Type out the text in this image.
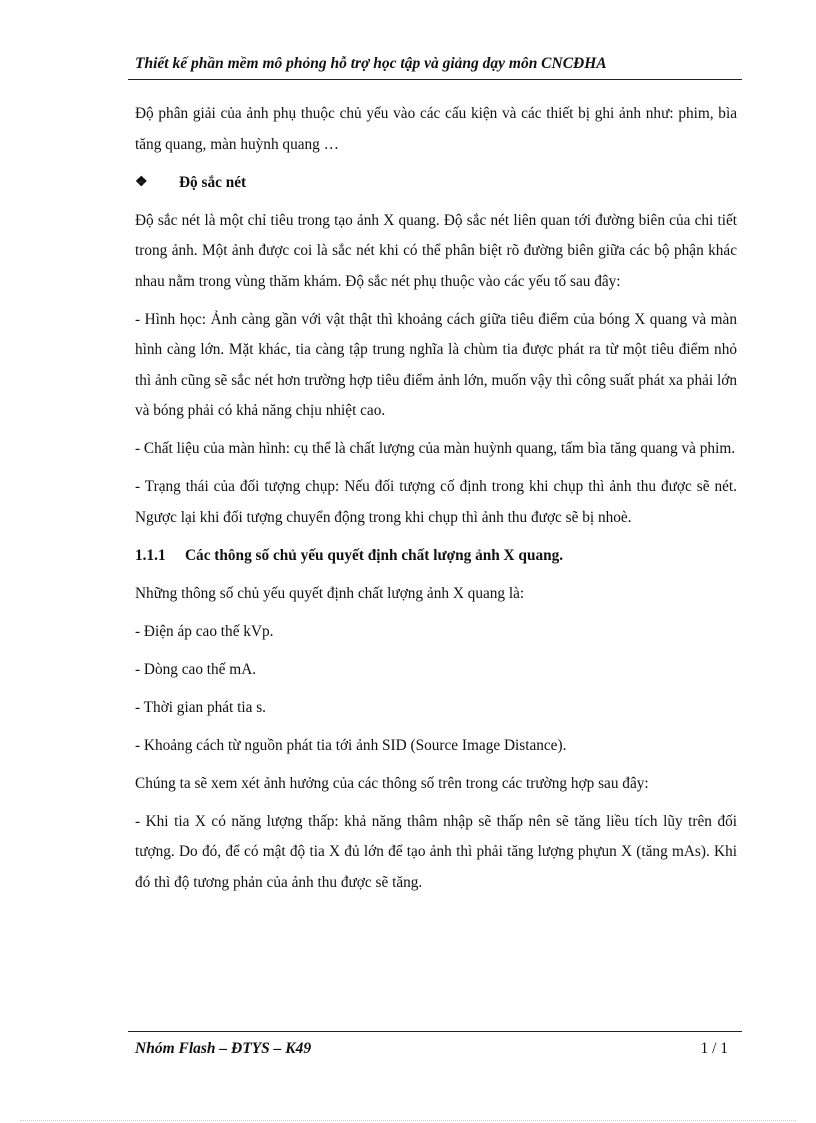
Thiết kế phần mềm mô phỏng hỗ trợ học tập và giảng dạy môn CNCĐHA

Độ phân giải của ảnh phụ thuộc chủ yếu vào các cấu kiện và các thiết bị ghi ảnh như: phim, bìa tăng quang, màn huỳnh quang …

❖	Độ sắc nét

Độ sắc nét là một chỉ tiêu trong tạo ảnh X quang. Độ sắc nét liên quan tới đường biên của chi tiết trong ảnh. Một ảnh được coi là sắc nét khi có thể phân biệt rõ đường biên giữa các bộ phận khác nhau nằm trong vùng thăm khám. Độ sắc nét phụ thuộc vào các yếu tố sau đây:

- Hình học: Ảnh càng gần với vật thật thì khoảng cách giữa tiêu điểm của bóng X quang và màn hình càng lớn. Mặt khác, tia càng tập trung nghĩa là chùm tia được phát ra từ một tiêu điểm nhỏ thì ảnh cũng sẽ sắc nét hơn trường hợp tiêu điểm ảnh lớn, muốn vậy thì công suất phát xa phải lớn và bóng phải có khả năng chịu nhiệt cao.

- Chất liệu của màn hình: cụ thể là chất lượng của màn huỳnh quang, tấm bìa tăng quang và phim.

- Trạng thái của đối tượng chụp: Nếu đối tượng cố định trong khi chụp thì ảnh thu được sẽ nét. Ngược lại khi đối tượng chuyển động trong khi chụp thì ảnh thu được sẽ bị nhoè.

1.1.1	Các thông số chủ yếu quyết định chất lượng ảnh X quang.

Những thông số chủ yếu quyết định chất lượng ảnh X quang là:

- Điện áp cao thế kVp.

- Dòng cao thế mA.

- Thời gian phát tia s.

- Khoảng cách từ nguồn phát tia tới ảnh SID (Source Image Distance).

Chúng ta sẽ xem xét ảnh hưởng của các thông số trên trong các trường hợp sau đây:

- Khi tia X có năng lượng thấp: khả năng thâm nhập sẽ thấp nên sẽ tăng liều tích lũy trên đối tượng. Do đó, để có mật độ tia X đủ lớn để tạo ảnh thì phải tăng lượng phựun X (tăng mAs). Khi đó thì độ tương phản của ảnh thu được sẽ tăng.

Nhóm Flash – ĐTYS – K49	1 / 1
